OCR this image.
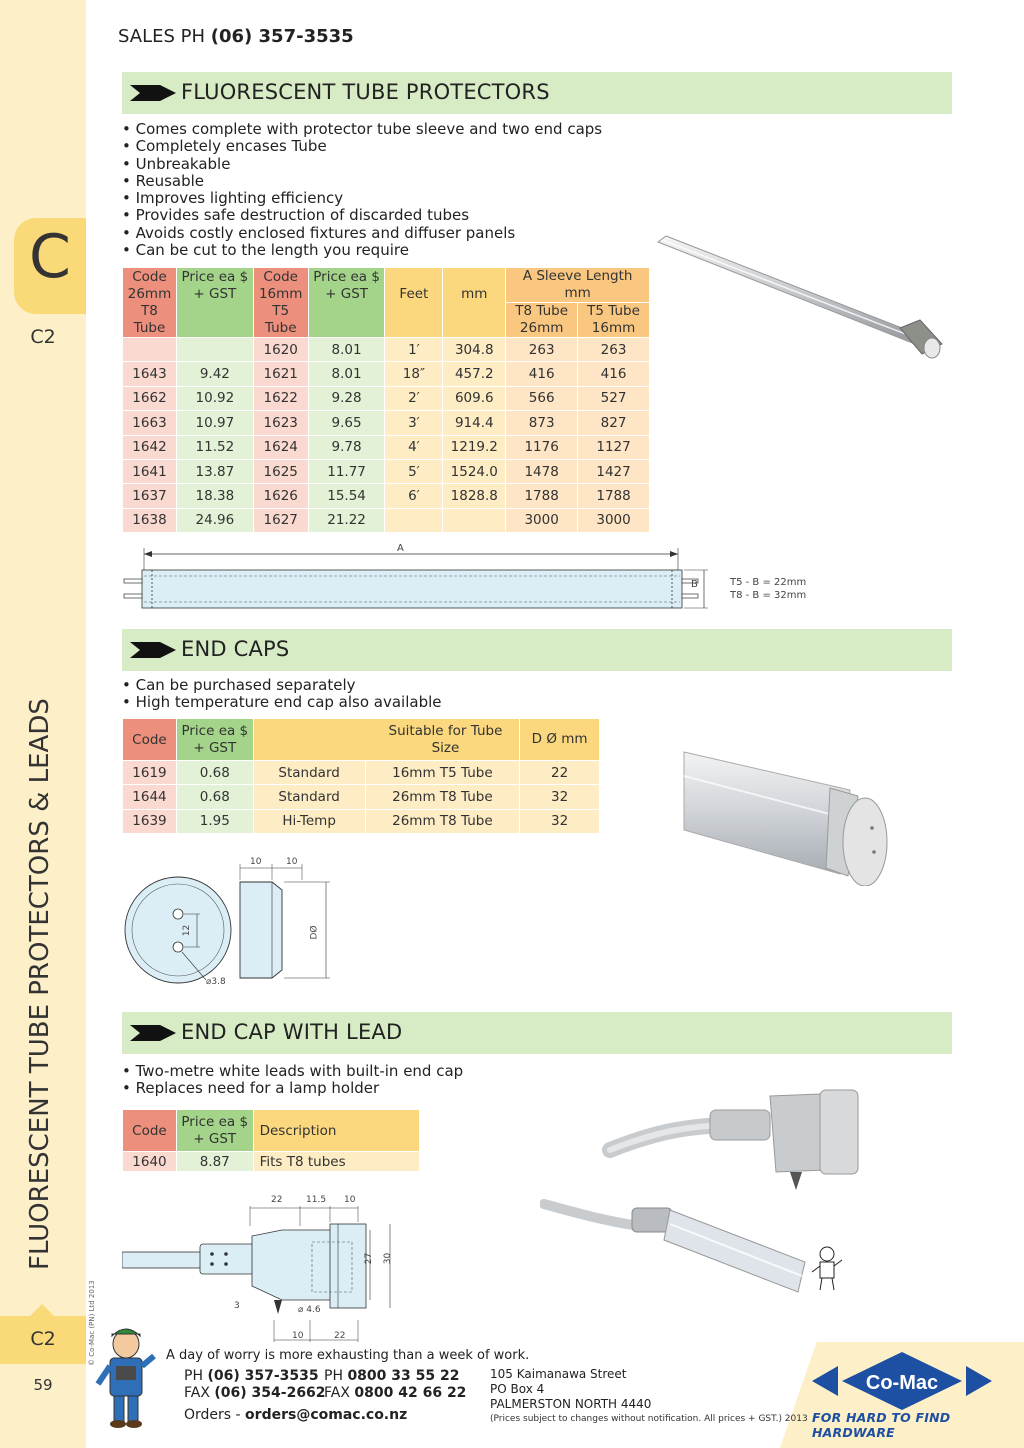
C
C2
FLUORESCENT TUBE PROTECTORS & LEADS
© Co-Mac (PN) Ltd 2013
C2
59
SALES PH (06) 357-3535
FLUORESCENT TUBE PROTECTORS
• Comes complete with protector tube sleeve and two end caps
• Completely encases Tube
• Unbreakable
• Reusable
• Improves lighting efficiency
• Provides safe destruction of discarded tubes
• Avoids costly enclosed fixtures and diffuser panels
• Can be cut to the length you require
Code 26mm T8 Tube	Price ea $ + GST	Code 16mm T5 Tube	Price ea $ + GST	Feet	mm	A Sleeve Length mm	
						T8 Tube 26mm	T5 Tube 16mm
		1620	8.01	1′	304.8	263	263
1643	9.42	1621	8.01	18″	457.2	416	416
1662	10.92	1622	9.28	2′	609.6	566	527
1663	10.97	1623	9.65	3′	914.4	873	827
1642	11.52	1624	9.78	4′	1219.2	1176	1127
1641	13.87	1625	11.77	5′	1524.0	1478	1427
1637	18.38	1626	15.54	6′	1828.8	1788	1788
1638	24.96	1627	21.22			3000	3000
A
B	T5 - B = 22mm
T8 - B = 32mm
END CAPS
• Can be purchased separately
• High temperature end cap also available
Code	Price ea $ + GST	Suitable for Tube Size		D Ø mm
1619	0.68	Standard	16mm T5 Tube	22
1644	0.68	Standard	26mm T8 Tube	32
1639	1.95	Hi-Temp	26mm T8 Tube	32
10	10
12	DØ
⌀3.8
END CAP WITH LEAD
• Two-metre white leads with built-in end cap
• Replaces need for a lamp holder
Code	Price ea $ + GST	Description
1640	8.87	Fits T8 tubes
22	11.5 10
27 30
3	⌀ 4.6
10	22
A day of worry is more exhausting than a week of work.
PH (06) 357-3535
FAX (06) 354-2662
PH 0800 33 55 22
FAX 0800 42 66 22
Orders - orders@comac.co.nz
105 Kaimanawa Street
PO Box 4
PALMERSTON NORTH 4440
(Prices subject to changes without notification. All prices + GST.) 2013
Co-Mac
FOR HARD TO FIND HARDWARE
